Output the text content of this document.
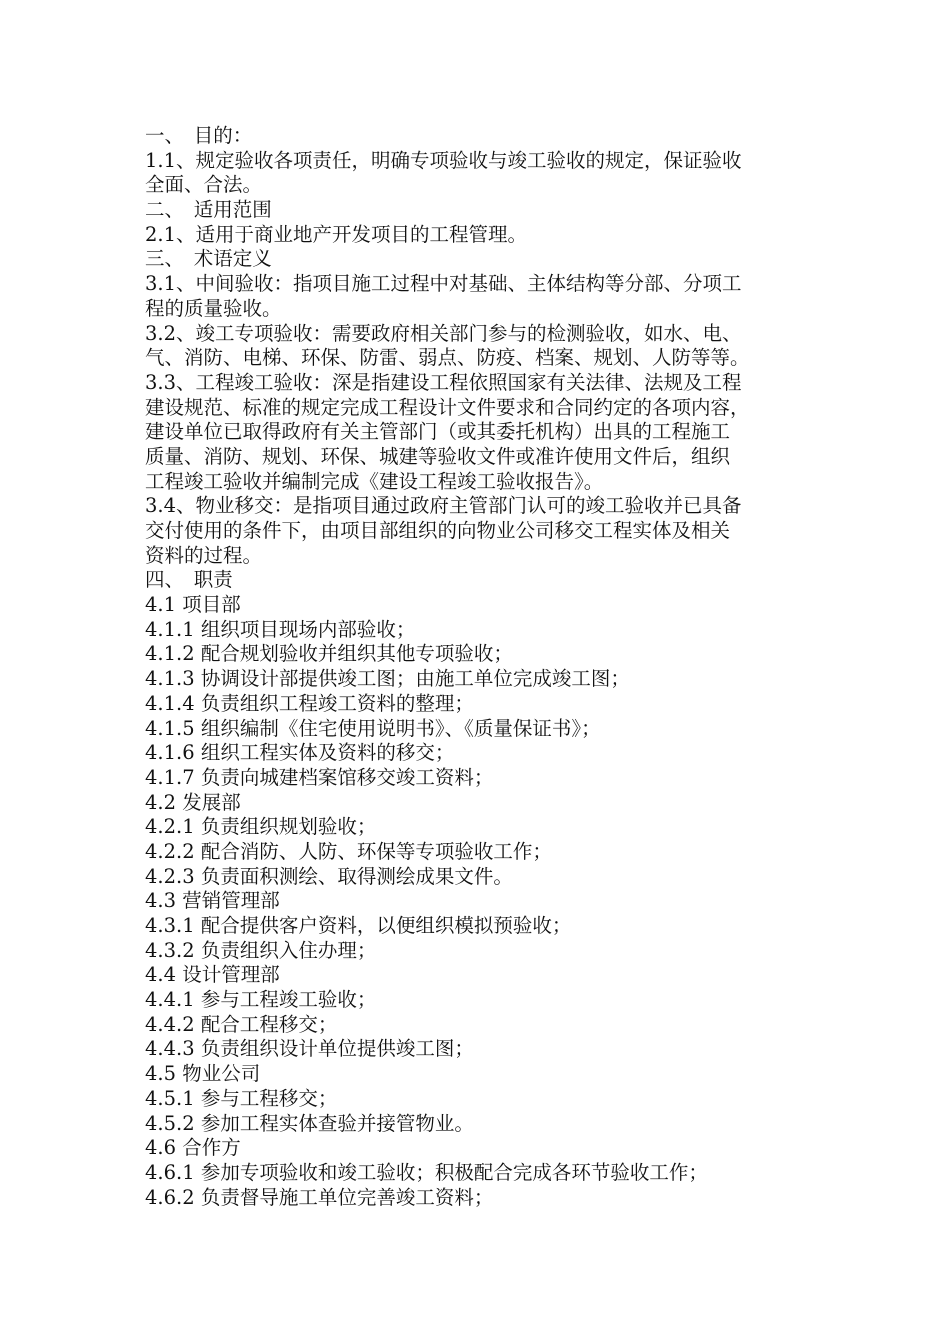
一、　目的：
1.1、规定验收各项责任，明确专项验收与竣工验收的规定，保证验收
全面、合法。
二、　适用范围
2.1、适用于商业地产开发项目的工程管理。
三、　术语定义
3.1、中间验收：指项目施工过程中对基础、主体结构等分部、分项工
程的质量验收。
3.2、竣工专项验收：需要政府相关部门参与的检测验收，如水、电、
气、消防、电梯、环保、防雷、弱点、防疫、档案、规划、人防等等。
3.3、工程竣工验收：深是指建设工程依照国家有关法律、法规及工程
建设规范、标准的规定完成工程设计文件要求和合同约定的各项内容，
建设单位已取得政府有关主管部门（或其委托机构）出具的工程施工
质量、消防、规划、环保、城建等验收文件或准许使用文件后，组织
工程竣工验收并编制完成《建设工程竣工验收报告》。
3.4、物业移交：是指项目通过政府主管部门认可的竣工验收并已具备
交付使用的条件下，由项目部组织的向物业公司移交工程实体及相关
资料的过程。
四、　职责
4.1 项目部
4.1.1 组织项目现场内部验收；
4.1.2 配合规划验收并组织其他专项验收；
4.1.3 协调设计部提供竣工图；由施工单位完成竣工图；
4.1.4 负责组织工程竣工资料的整理；
4.1.5 组织编制《住宅使用说明书》、《质量保证书》；
4.1.6 组织工程实体及资料的移交；
4.1.7 负责向城建档案馆移交竣工资料；
4.2 发展部
4.2.1 负责组织规划验收；
4.2.2 配合消防、人防、环保等专项验收工作；
4.2.3 负责面积测绘、取得测绘成果文件。
4.3 营销管理部
4.3.1 配合提供客户资料，以便组织模拟预验收；
4.3.2 负责组织入住办理；
4.4 设计管理部
4.4.1 参与工程竣工验收；
4.4.2 配合工程移交；
4.4.3 负责组织设计单位提供竣工图；
4.5 物业公司
4.5.1 参与工程移交；
4.5.2 参加工程实体查验并接管物业。
4.6 合作方
4.6.1 参加专项验收和竣工验收；积极配合完成各环节验收工作；
4.6.2 负责督导施工单位完善竣工资料；
